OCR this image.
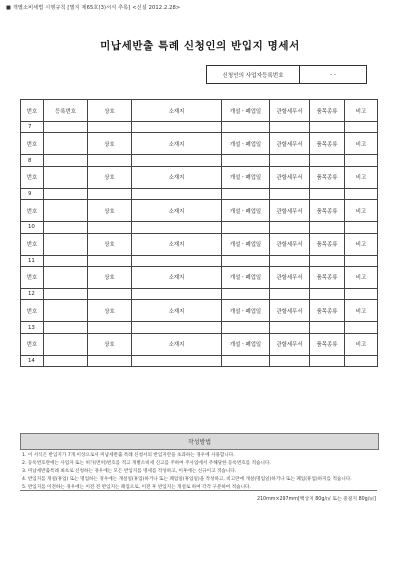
■ 개별소비세법 시행규칙 [별지 제65호(3)서식 추록] <신설 2012.2.28>
미납세반출 특례 신청인의 반입지 명세서
신청인의 사업자등록번호	- -
번호	등록번호	상호	소재지	개설ㆍ폐업일	관할세무서	품목종류	비고
7							
번호		상호	소재지	개설ㆍ폐업일	관할세무서	품목종류	비고
8							
번호		상호	소재지	개설ㆍ폐업일	관할세무서	품목종류	비고
9							
번호		상호	소재지	개설ㆍ폐업일	관할세무서	품목종류	비고
10							
번호		상호	소재지	개설ㆍ폐업일	관할세무서	품목종류	비고
11							
번호		상호	소재지	개설ㆍ폐업일	관할세무서	품목종류	비고
12							
번호		상호	소재지	개설ㆍ폐업일	관할세무서	품목종류	비고
13							
번호		상호	소재지	개설ㆍ폐업일	관할세무서	품목종류	비고
14							
작성방법
1. 이 서식은 반입지가 7개 이상으로서 미납세반출 특례 신청서의 반입지란을 초과하는 경우에 사용합니다.
2. 등록번호란에는 사업자 또는 허가(면허)번호를 적고 개별소비세 신고를 주하여 주사업에서 주해당한 등록번호를 적습니다.
3. 미납세반출특례 최초로 신청하는 경우에는 모든 반입지를 명세를 작성하고, 이후에는 신규이고 적습니다.
4. 반입지를 개설(휴업) 또는 명업하는 경우에는 개설일(휴업)하거나 또는 폐업일(휴업일)을 작성하고, 비고란에 개설(명업일)하거나 또는 폐업(휴업)하지를 적습니다.
5. 반입지를 이전하는 경우에는 이전 전 반입지는 폐업으로, 이전 후 반입지는 개설로 하여 각각 구분하여 적습니다.
210mm×297mm[백상지 80g/㎡ 또는 중질지 80g/㎡]
